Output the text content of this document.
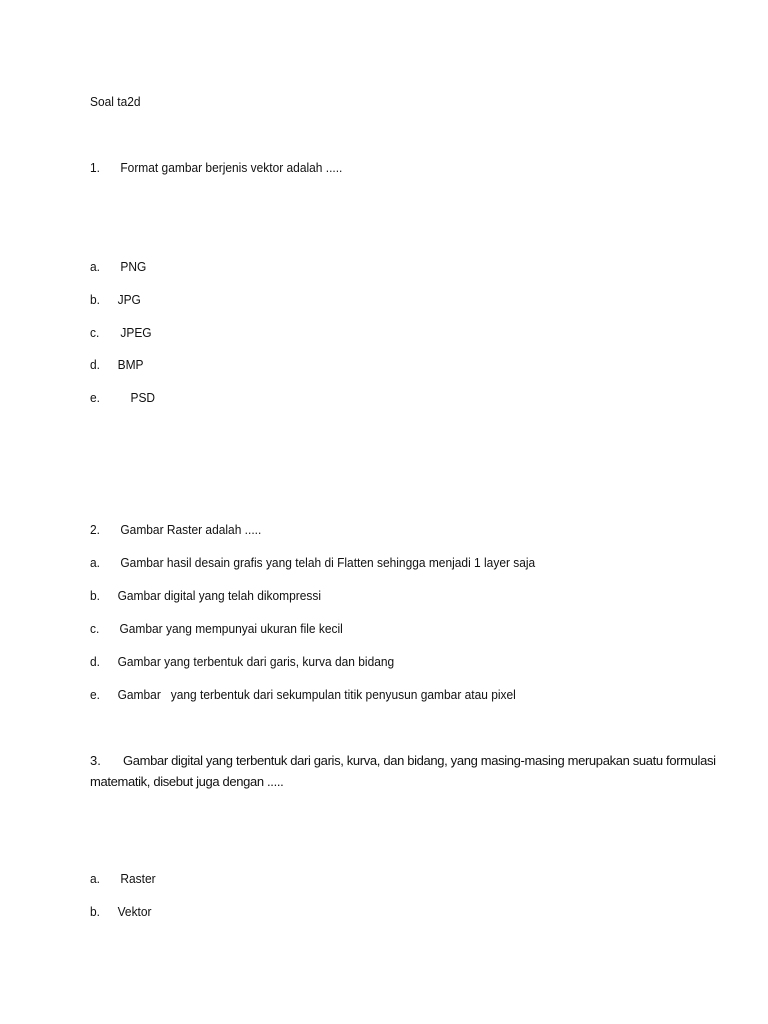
Soal ta2d
1. Format gambar berjenis vektor adalah .....
a. PNG
b. JPG
c. JPEG
d. BMP
e. PSD
2. Gambar Raster adalah .....
a. Gambar hasil desain grafis yang telah di Flatten sehingga menjadi 1 layer saja
b. Gambar digital yang telah dikompressi
c. Gambar yang mempunyai ukuran file kecil
d. Gambar yang terbentuk dari garis, kurva dan bidang
e. Gambar   yang terbentuk dari sekumpulan titik penyusun gambar atau pixel
3. Gambar digital yang terbentuk dari garis, kurva, dan bidang, yang masing-masing merupakan suatu formulasi matematik, disebut juga dengan .....
a. Raster
b. Vektor
